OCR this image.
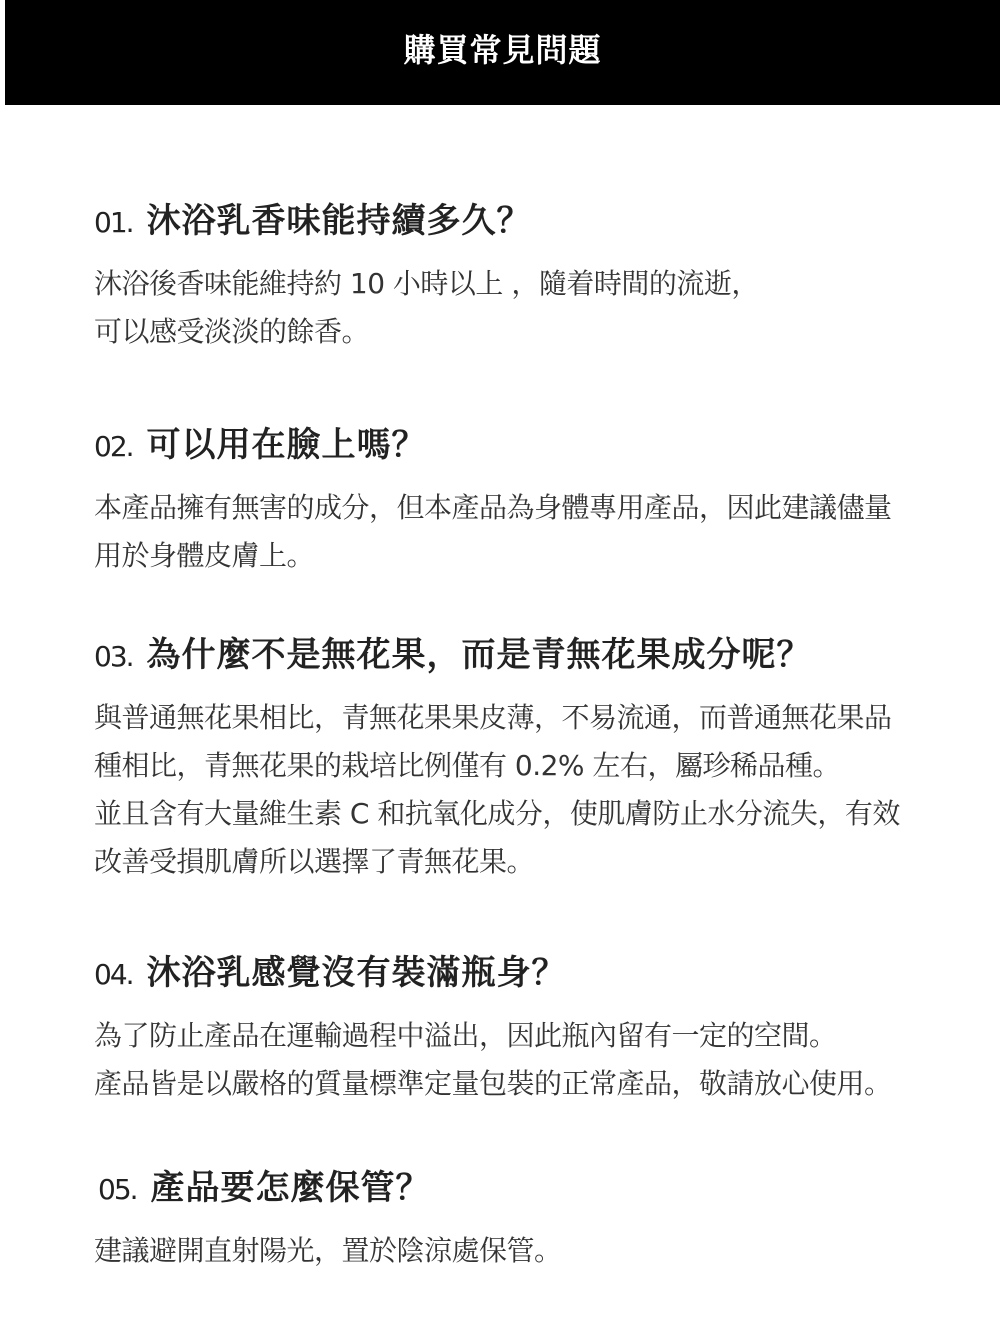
購買常見問題
01. 沐浴乳香味能持續多久？
沐浴後香味能維持約 10 小時以上 ，隨着時間的流逝，
可以感受淡淡的餘香。
02. 可以用在臉上嗎？
本產品擁有無害的成分，但本產品為身體專用產品，因此建議儘量
用於身體皮膚上。
03. 為什麼不是無花果，而是青無花果成分呢？
與普通無花果相比，青無花果果皮薄，不易流通，而普通無花果品
種相比，青無花果的栽培比例僅有 0.2% 左右，屬珍稀品種。
並且含有大量維生素 C 和抗氧化成分，使肌膚防止水分流失，有效
改善受損肌膚所以選擇了青無花果。
04. 沐浴乳感覺沒有裝滿瓶身？
為了防止產品在運輸過程中溢出，因此瓶內留有一定的空間。
產品皆是以嚴格的質量標準定量包裝的正常產品，敬請放心使用。
05. 產品要怎麼保管？
建議避開直射陽光，置於陰涼處保管。
